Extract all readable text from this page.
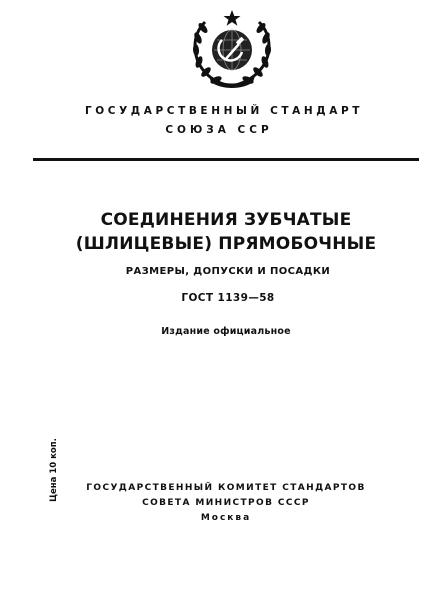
ГОСУДАРСТВЕННЫЙ СТАНДАРТ
СОЮЗА ССР
СОЕДИНЕНИЯ ЗУБЧАТЫЕ
(ШЛИЦЕВЫЕ) ПРЯМОБОЧНЫЕ
РАЗМЕРЫ, ДОПУСКИ И ПОСАДКИ
ГОСТ 1139—58
Издание официальное
Цена 10 коп.	ГОСУДАРСТВЕННЫЙ КОМИТЕТ СТАНДАРТОВ
СОВЕТА МИНИСТРОВ СССР
Москва
